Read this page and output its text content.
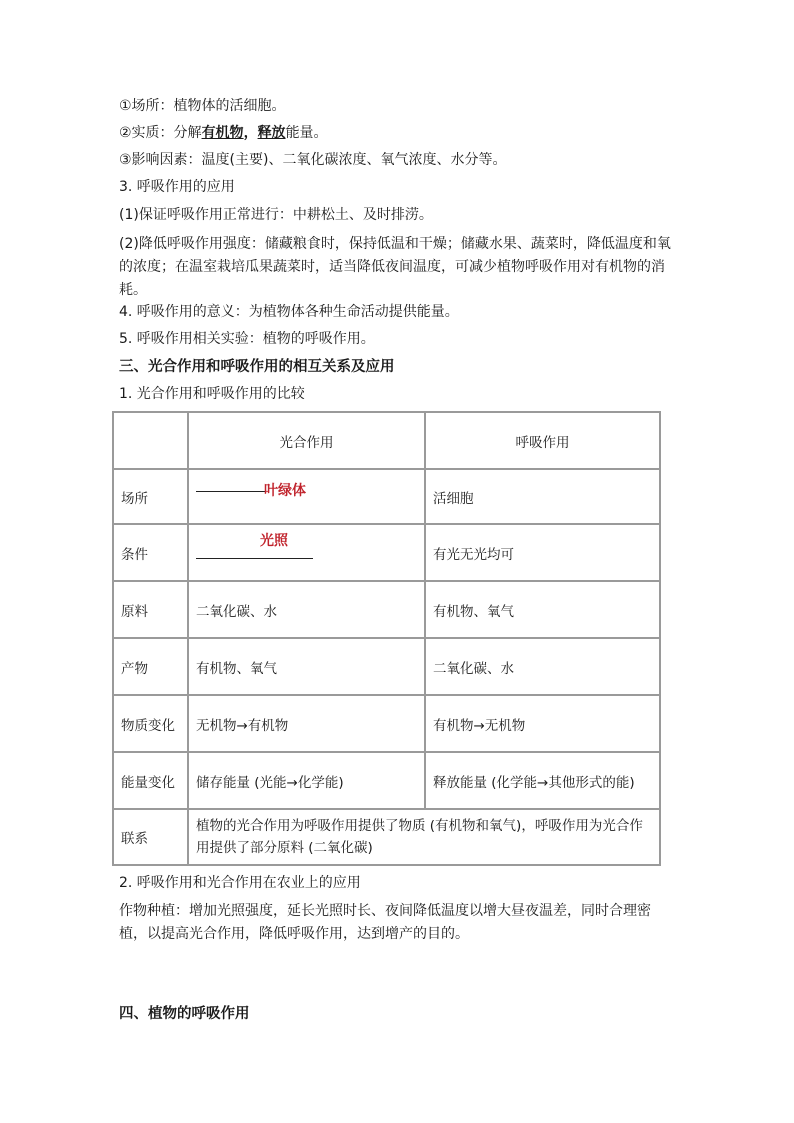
①场所：植物体的活细胞。
②实质：分解有机物，释放能量。
③影响因素：温度(主要)、二氧化碳浓度、氧气浓度、水分等。
3. 呼吸作用的应用
(1)保证呼吸作用正常进行：中耕松土、及时排涝。
(2)降低呼吸作用强度：储藏粮食时，保持低温和干燥；储藏水果、蔬菜时，降低温度和氧的浓度；在温室栽培瓜果蔬菜时，适当降低夜间温度，可减少植物呼吸作用对有机物的消耗。
4. 呼吸作用的意义：为植物体各种生命活动提供能量。
5. 呼吸作用相关实验：植物的呼吸作用。
三、光合作用和呼吸作用的相互关系及应用
1. 光合作用和呼吸作用的比较
	光合作用	呼吸作用
场所	叶绿体	活细胞
条件	光照	有光无光均可
原料	二氧化碳、水	有机物、氧气
产物	有机物、氧气	二氧化碳、水
物质变化	无机物→有机物	有机物→无机物
能量变化	储存能量 (光能→化学能)	释放能量 (化学能→其他形式的能)
联系	植物的光合作用为呼吸作用提供了物质 (有机物和氧气)，呼吸作用为光合作用提供了部分原料 (二氧化碳)	
2. 呼吸作用和光合作用在农业上的应用
作物种植：增加光照强度，延长光照时长、夜间降低温度以增大昼夜温差，同时合理密植，以提高光合作用，降低呼吸作用，达到增产的目的。
四、植物的呼吸作用
